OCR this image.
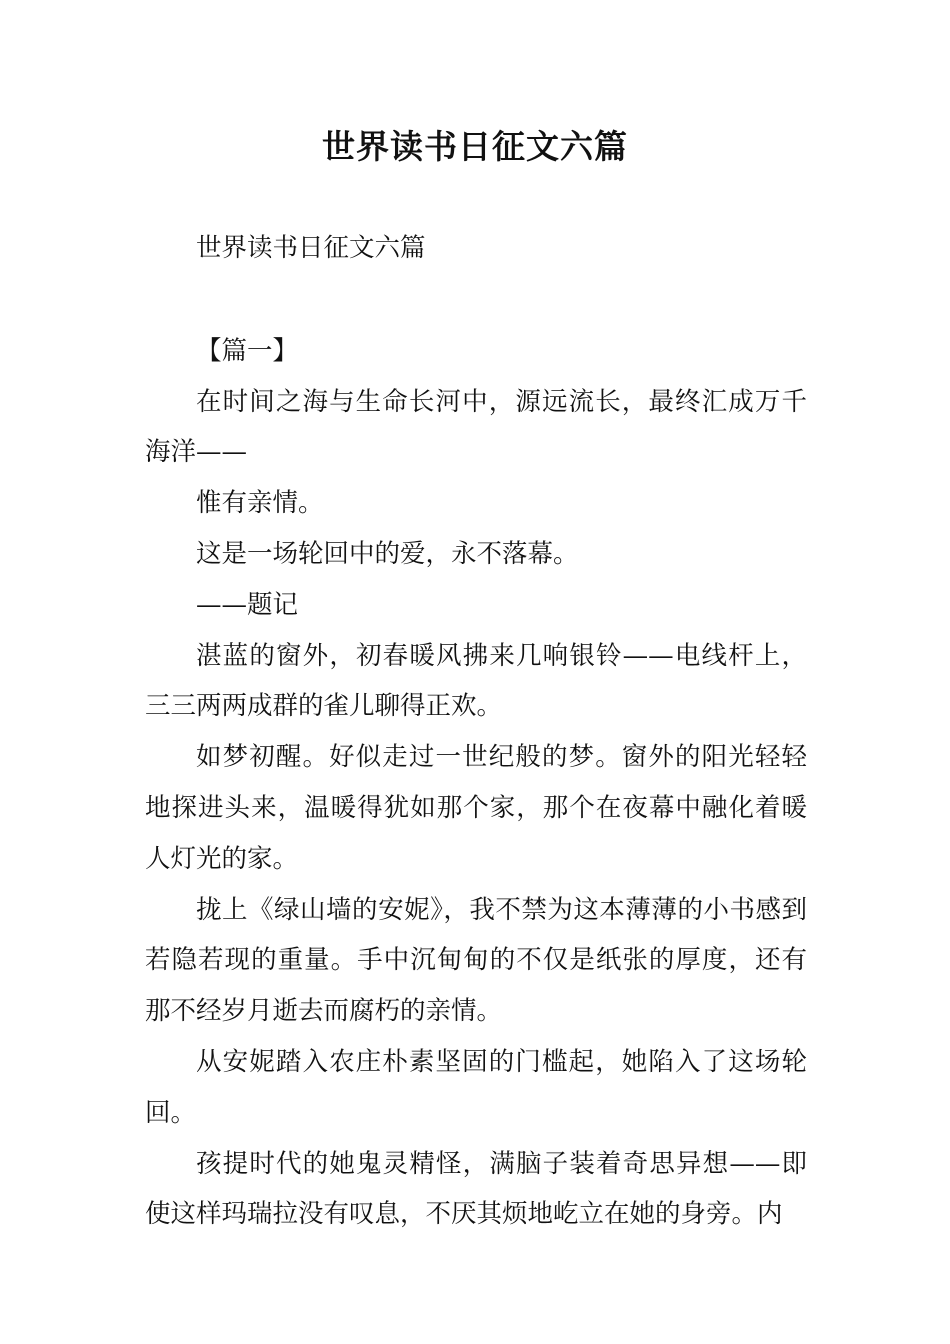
世界读书日征文六篇

世界读书日征文六篇

【篇一】

在时间之海与生命长河中，源远流长，最终汇成万千海洋——

惟有亲情。

这是一场轮回中的爱，永不落幕。

——题记

湛蓝的窗外，初春暖风拂来几响银铃——电线杆上，三三两两成群的雀儿聊得正欢。

如梦初醒。好似走过一世纪般的梦。窗外的阳光轻轻地探进头来，温暖得犹如那个家，那个在夜幕中融化着暖人灯光的家。

拢上《绿山墙的安妮》，我不禁为这本薄薄的小书感到若隐若现的重量。手中沉甸甸的不仅是纸张的厚度，还有那不经岁月逝去而腐朽的亲情。

从安妮踏入农庄朴素坚固的门槛起，她陷入了这场轮回。

孩提时代的她鬼灵精怪，满脑子装着奇思异想——即使这样玛瑞拉没有叹息，不厌其烦地屹立在她的身旁。内
